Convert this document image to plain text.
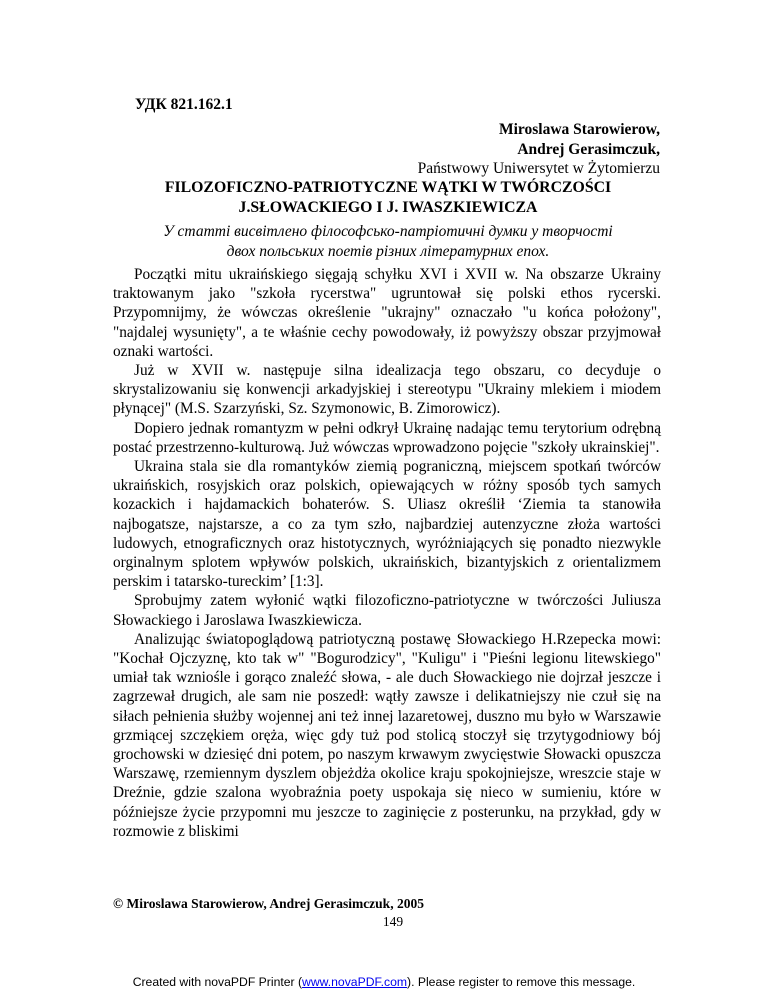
УДК 821.162.1
Miroslawa Starowierow,
Andrej Gerasimczuk,
Państwowy Uniwersytet w Żytomierzu
FILOZOFICZNO-PATRIOTYCZNE WĄTKI W TWÓRCZOŚCI
J.SŁOWACKIEGO I J. IWASZKIEWICZA
У статті висвітлено філософсько-патріотичні думки у творчості
двох польських поетів різних літературних епох.

Początki mitu ukraińskiego sięgają schyłku XVI i XVII w. Na obszarze Ukrainy traktowanym jako "szkoła rycerstwa" ugruntował się polski ethos rycerski. Przypomnijmy, że wówczas określenie "ukrajny" oznaczało "u końca położony", "najdalej wysunięty", a te właśnie cechy powodowały, iż powyższy obszar przyjmował oznaki wartości.

Już w XVII w. następuje silna idealizacja tego obszaru, co decyduje o skrystalizowaniu się konwencji arkadyjskiej i stereotypu "Ukrainy mlekiem i miodem płynącej" (M.S. Szarzyński, Sz. Szymonowic, B. Zimorowicz).

Dopiero jednak romantyzm w pełni odkrył Ukrainę nadając temu terytorium odrębną postać przestrzenno-kulturową. Już wówczas wprowadzono pojęcie "szkoły ukrainskiej".

Ukraina stala sie dla romantyków ziemią pograniczną, miejscem spotkań twórców ukraińskich, rosyjskich oraz polskich, opiewających w różny sposób tych samych kozackich i hajdamackich bohaterów. S. Uliasz określił ‘Ziemia ta stanowiła najbogatsze, najstarsze, a co za tym szło, najbardziej autenzyczne złoża wartości ludowych, etnograficznych oraz histotycznych, wyróżniających się ponadto niezwykle orginalnym splotem wpływów polskich, ukraińskich, bizantyjskich z orientalizmem perskim i tatarsko-tureckim’ [1:3].

Sprobujmy zatem wyłonić wątki filozoficzno-patriotyczne w twórczości Juliusza Słowackiego i Jaroslawa Iwaszkiewicza.

Analizując światopoglądową patriotyczną postawę Słowackiego H.Rzepecka mowi: "Kochał Ojczyznę, kto tak w" "Bogurodzicy", "Kuligu" i "Pieśni legionu litewskiego" umiał tak wzniośle i gorąco znaleźć słowa, - ale duch Słowackiego nie dojrzał jeszcze i zagrzewał drugich, ale sam nie poszedł: wątły zawsze i delikatniejszy nie czuł się na siłach pełnienia służby wojennej ani też innej lazaretowej, duszno mu było w Warszawie grzmiącej szczękiem oręża, więc gdy tuż pod stolicą stoczył się trzytygodniowy bój grochowski w dziesięć dni potem, po naszym krwawym zwycięstwie Słowacki opuszcza Warszawę, rzemiennym dyszlem objeżdża okolice kraju spokojniejsze, wreszcie staje w Dreźnie, gdzie szalona wyobraźnia poety uspokaja się nieco w sumieniu, które w późniejsze życie przypomni mu jeszcze to zaginięcie z posterunku, na przykład, gdy w rozmowie z bliskimi

© Miroslawa Starowierow, Andrej Gerasimczuk, 2005
149
Created with novaPDF Printer (www.novaPDF.com). Please register to remove this message.
